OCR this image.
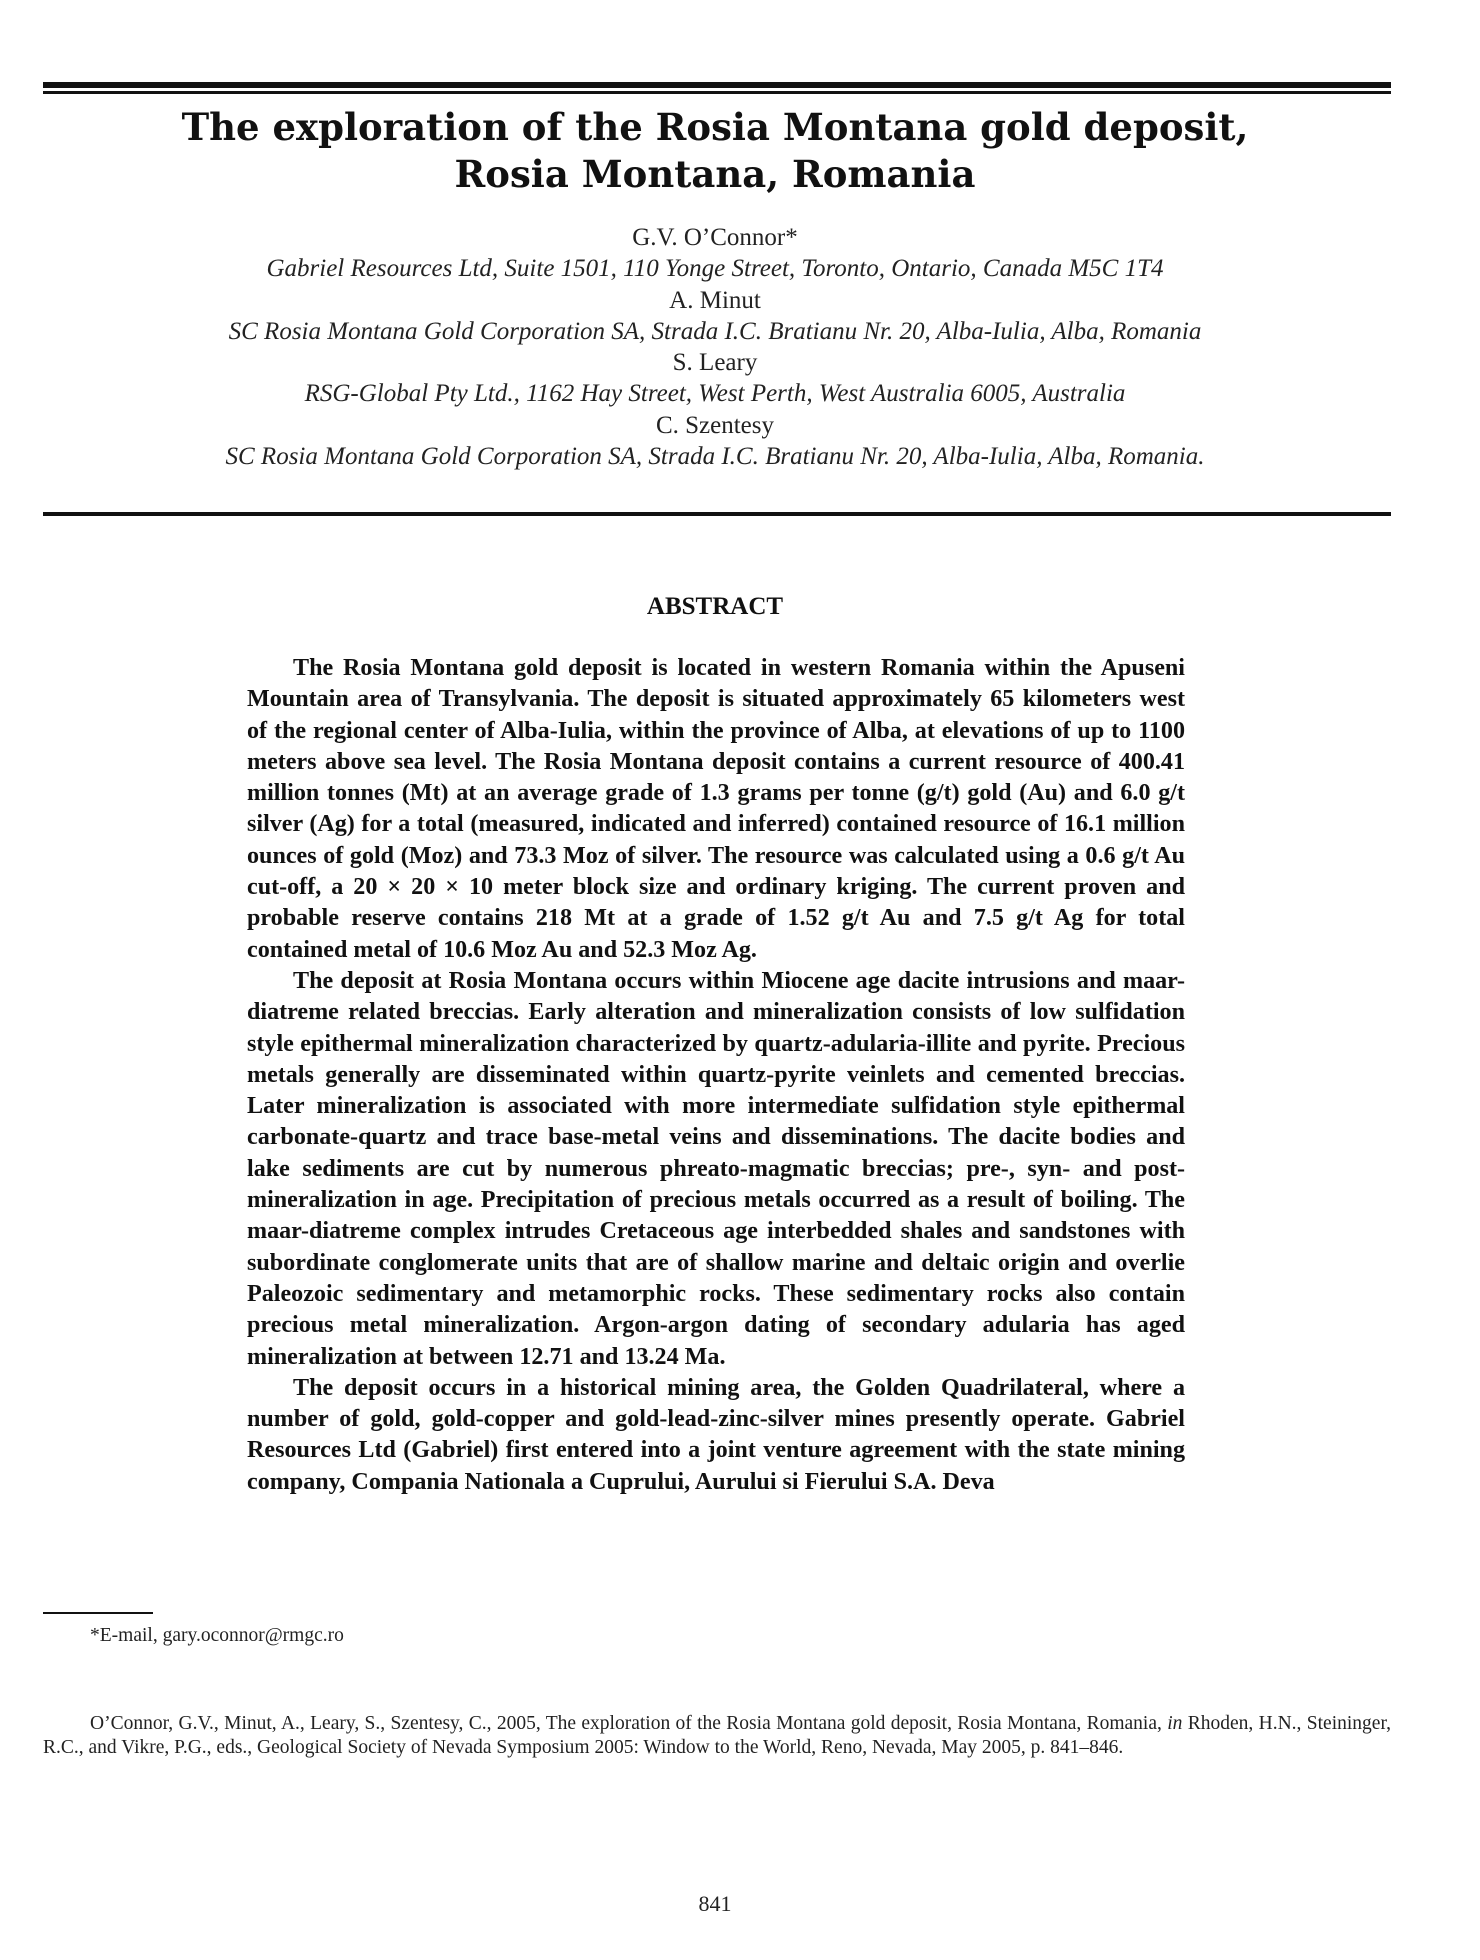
The exploration of the Rosia Montana gold deposit,
Rosia Montana, Romania
G.V. O’Connor*
Gabriel Resources Ltd, Suite 1501, 110 Yonge Street, Toronto, Ontario, Canada M5C 1T4
A. Minut
SC Rosia Montana Gold Corporation SA, Strada I.C. Bratianu Nr. 20, Alba-Iulia, Alba, Romania
S. Leary
RSG-Global Pty Ltd., 1162 Hay Street, West Perth, West Australia 6005, Australia
C. Szentesy
SC Rosia Montana Gold Corporation SA, Strada I.C. Bratianu Nr. 20, Alba-Iulia, Alba, Romania.
ABSTRACT

The Rosia Montana gold deposit is located in western Romania within the Apuseni Mountain area of Transylvania. The deposit is situated approximately 65 kilometers west of the regional center of Alba-Iulia, within the province of Alba, at elevations of up to 1100 meters above sea level. The Rosia Montana deposit contains a current resource of 400.41 million tonnes (Mt) at an average grade of 1.3 grams per tonne (g/t) gold (Au) and 6.0 g/t silver (Ag) for a total (measured, indicated and inferred) contained resource of 16.1 million ounces of gold (Moz) and 73.3 Moz of silver. The resource was calculated using a 0.6 g/t Au cut-off, a 20 × 20 × 10 meter block size and ordinary kriging. The current proven and probable reserve contains 218 Mt at a grade of 1.52 g/t Au and 7.5 g/t Ag for total contained metal of 10.6 Moz Au and 52.3 Moz Ag.

The deposit at Rosia Montana occurs within Miocene age dacite intrusions and maar-diatreme related breccias. Early alteration and mineralization consists of low sulfidation style epithermal mineralization characterized by quartz-adularia-illite and pyrite. Precious metals generally are disseminated within quartz-pyrite veinlets and cemented breccias. Later mineralization is associated with more intermediate sulfidation style epithermal carbonate-quartz and trace base-metal veins and disseminations. The dacite bodies and lake sediments are cut by numerous phreato-magmatic breccias; pre-, syn- and post-mineralization in age. Precipitation of precious metals occurred as a result of boiling. The maar-diatreme complex intrudes Cretaceous age interbedded shales and sandstones with subordinate conglomerate units that are of shallow marine and deltaic origin and overlie Paleozoic sedimentary and metamorphic rocks. These sedimentary rocks also contain precious metal mineralization. Argon-argon dating of secondary adularia has aged mineralization at between 12.71 and 13.24 Ma.

The deposit occurs in a historical mining area, the Golden Quadrilateral, where a number of gold, gold-copper and gold-lead-zinc-silver mines presently operate. Gabriel Resources Ltd (Gabriel) first entered into a joint venture agreement with the state mining company, Compania Nationala a Cuprului, Aurului si Fierului S.A. Deva

*E-mail, gary.oconnor@rmgc.ro
O’Connor, G.V., Minut, A., Leary, S., Szentesy, C., 2005, The exploration of the Rosia Montana gold deposit, Rosia Montana, Romania, in Rhoden, H.N., Steininger, R.C., and Vikre, P.G., eds., Geological Society of Nevada Symposium 2005: Window to the World, Reno, Nevada, May 2005, p. 841–846.
841
